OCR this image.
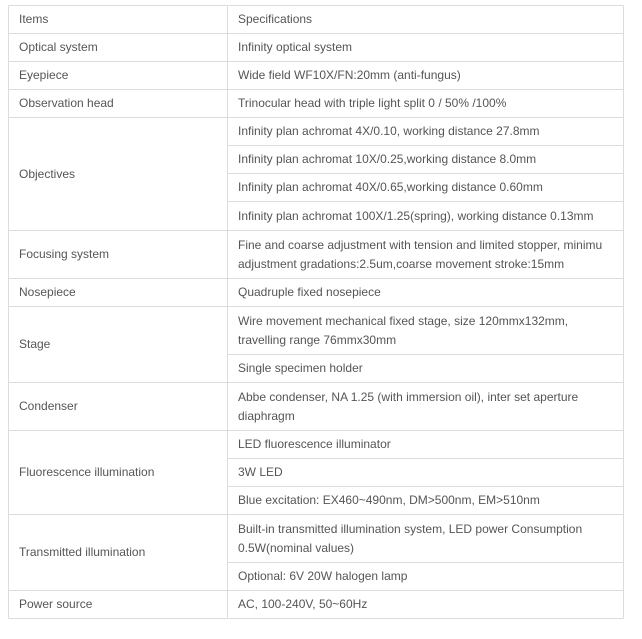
Items	Specifications
Optical system	Infinity optical system
Eyepiece	Wide field WF10X/FN:20mm (anti-fungus)
Observation head	Trinocular head with triple light split 0 / 50% /100%
Objectives	Infinity plan achromat 4X/0.10, working distance 27.8mm
	Infinity plan achromat 10X/0.25,working distance 8.0mm
	Infinity plan achromat 40X/0.65,working distance 0.60mm
	Infinity plan achromat 100X/1.25(spring), working distance 0.13mm
Focusing system	Fine and coarse adjustment with tension and limited stopper, minimu adjustment gradations:2.5um,coarse movement stroke:15mm
Nosepiece	Quadruple fixed nosepiece
Stage	Wire movement mechanical fixed stage, size 120mmx132mm, travelling range 76mmx30mm
	Single specimen holder
Condenser	Abbe condenser, NA 1.25 (with immersion oil), inter set aperture diaphragm
Fluorescence illumination	LED fluorescence illuminator
	3W LED
	Blue excitation: EX460~490nm, DM>500nm, EM>510nm
Transmitted illumination	Built-in transmitted illumination system, LED power Consumption 0.5W(nominal values)
	Optional: 6V 20W halogen lamp
Power source	AC, 100-240V, 50~60Hz
